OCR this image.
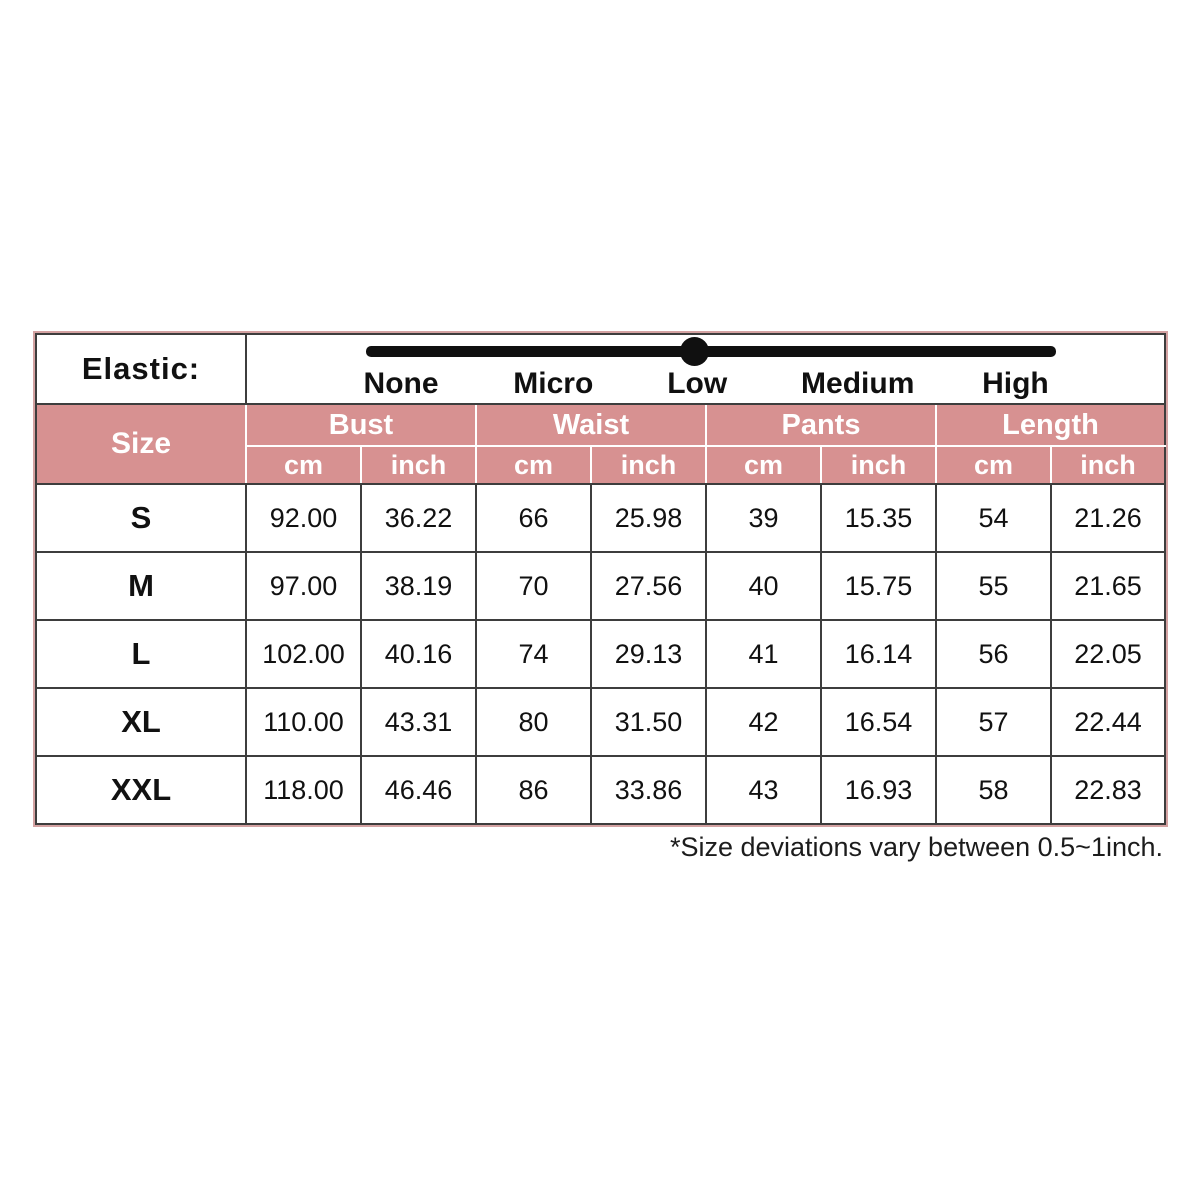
Elastic:	None Micro Low Medium High							

Size	Bust		Waist		Pants		Length	
	cm	inch	cm	inch	cm	inch	cm	inch
S	92.00	36.22	66	25.98	39	15.35	54	21.26
M	97.00	38.19	70	27.56	40	15.75	55	21.65
L	102.00	40.16	74	29.13	41	16.14	56	22.05
XL	110.00	43.31	80	31.50	42	16.54	57	22.44
XXL	118.00	46.46	86	33.86	43	16.93	58	22.83
*Size deviations vary between 0.5~1inch.
